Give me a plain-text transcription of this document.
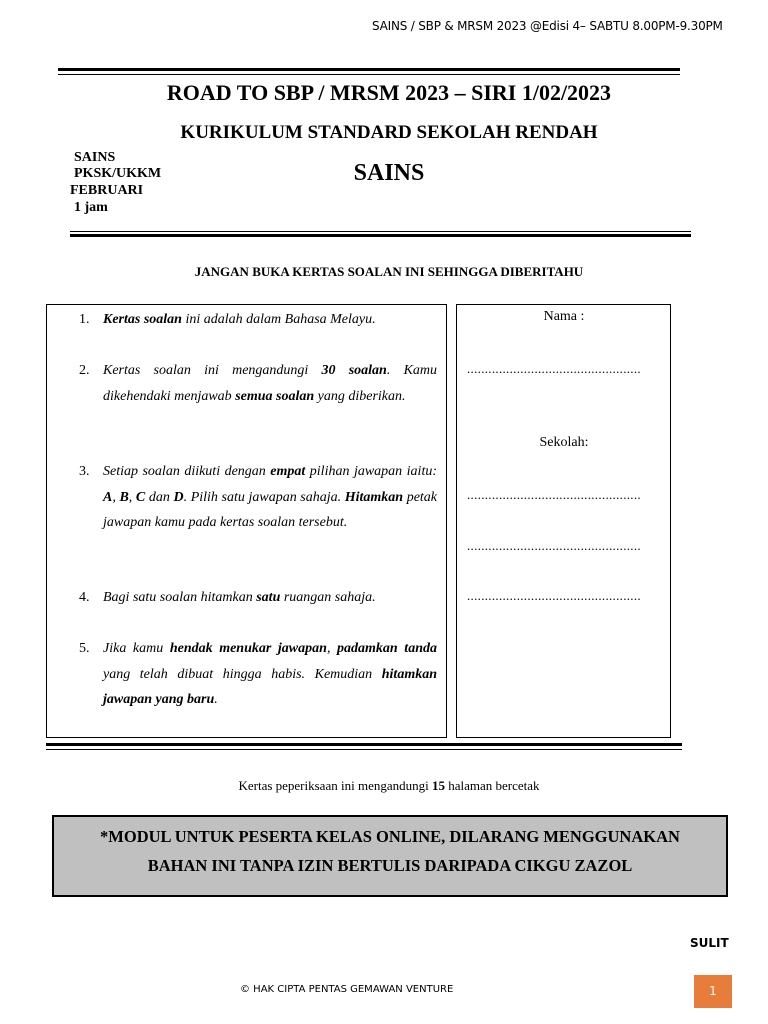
SAINS / SBP & MRSM 2023 @Edisi 4– SABTU 8.00PM-9.30PM
ROAD TO SBP / MRSM 2023 – SIRI 1/02/2023
KURIKULUM STANDARD SEKOLAH RENDAH
SAINS
SAINS
PKSK/UKKM
FEBRUARI
1 jam
JANGAN BUKA KERTAS SOALAN INI SEHINGGA DIBERITAHU
1. Kertas soalan ini adalah dalam Bahasa Melayu.
2. Kertas soalan ini mengandungi 30 soalan. Kamu dikehendaki menjawab semua soalan yang diberikan.
3. Setiap soalan diikuti dengan empat pilihan jawapan iaitu: A, B, C dan D. Pilih satu jawapan sahaja. Hitamkan petak jawapan kamu pada kertas soalan tersebut.
4. Bagi satu soalan hitamkan satu ruangan sahaja.
5. Jika kamu hendak menukar jawapan, padamkan tanda yang telah dibuat hingga habis. Kemudian hitamkan jawapan yang baru.
Nama :
.................................................
Sekolah:
.................................................
.................................................
.................................................
Kertas peperiksaan ini mengandungi 15 halaman bercetak
*MODUL UNTUK PESERTA KELAS ONLINE, DILARANG MENGGUNAKAN
BAHAN INI TANPA IZIN BERTULIS DARIPADA CIKGU ZAZOL
SULIT
© HAK CIPTA PENTAS GEMAWAN VENTURE	1
